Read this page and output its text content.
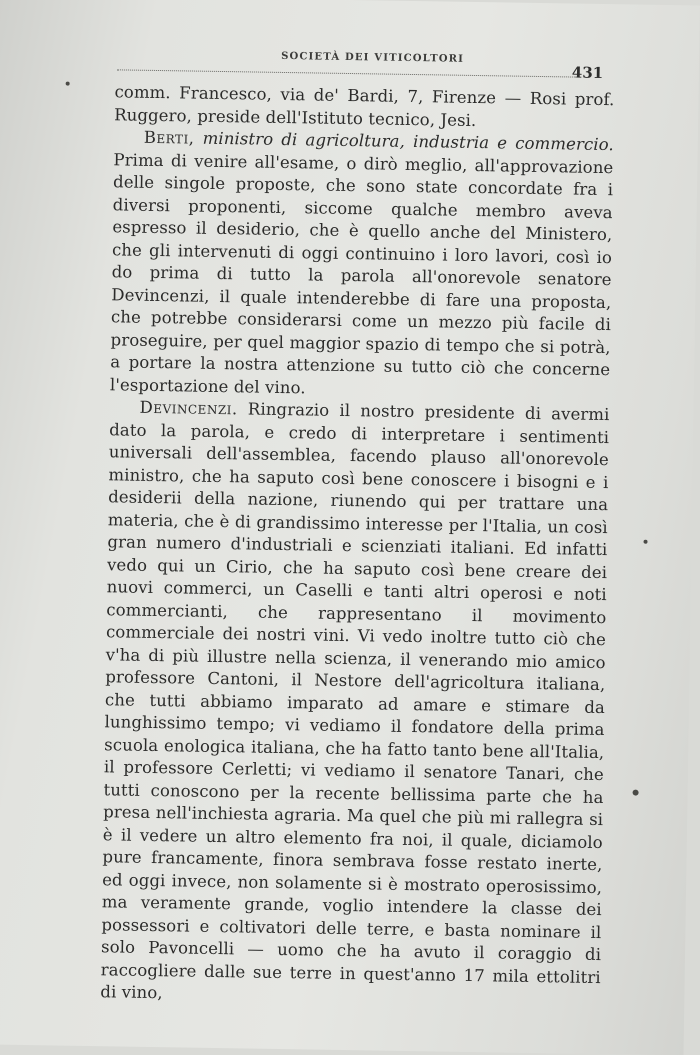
SOCIETÀ DEI VITICOLTORI
431

comm. Francesco, via de' Bardi, 7, Firenze — Rosi prof. Ruggero, preside dell'Istituto tecnico, Jesi.

Berti, ministro di agricoltura, industria e commercio. Prima di venire all'esame, o dirò meglio, all'approvazione delle singole proposte, che sono state concordate fra i diversi proponenti, siccome qualche membro aveva espresso il desiderio, che è quello anche del Ministero, che gli intervenuti di oggi continuino i loro lavori, così io do prima di tutto la parola all'onorevole senatore Devincenzi, il quale intenderebbe di fare una proposta, che potrebbe considerarsi come un mezzo più facile di proseguire, per quel maggior spazio di tempo che si potrà, a portare la nostra attenzione su tutto ciò che concerne l'esportazione del vino.

Devincenzi. Ringrazio il nostro presidente di avermi dato la parola, e credo di interpretare i sentimenti universali dell'assemblea, facendo plauso all'onorevole ministro, che ha saputo così bene conoscere i bisogni e i desiderii della nazione, riunendo qui per trattare una materia, che è di grandissimo interesse per l'Italia, un così gran numero d'industriali e scienziati italiani. Ed infatti vedo qui un Cirio, che ha saputo così bene creare dei nuovi commerci, un Caselli e tanti altri operosi e noti commercianti, che rappresentano il movimento commerciale dei nostri vini. Vi vedo inoltre tutto ciò che v'ha di più illustre nella scienza, il venerando mio amico professore Cantoni, il Nestore dell'agricoltura italiana, che tutti abbiamo imparato ad amare e stimare da lunghissimo tempo; vi vediamo il fondatore della prima scuola enologica italiana, che ha fatto tanto bene all'Italia, il professore Cerletti; vi vediamo il senatore Tanari, che tutti conoscono per la recente bellissima parte che ha presa nell'inchiesta agraria. Ma quel che più mi rallegra si è il vedere un altro elemento fra noi, il quale, diciamolo pure francamente, finora sembrava fosse restato inerte, ed oggi invece, non solamente si è mostrato operosissimo, ma veramente grande, voglio intendere la classe dei possessori e coltivatori delle terre, e basta nominare il solo Pavoncelli — uomo che ha avuto il coraggio di raccogliere dalle sue terre in quest'anno 17 mila ettolitri di vino,
